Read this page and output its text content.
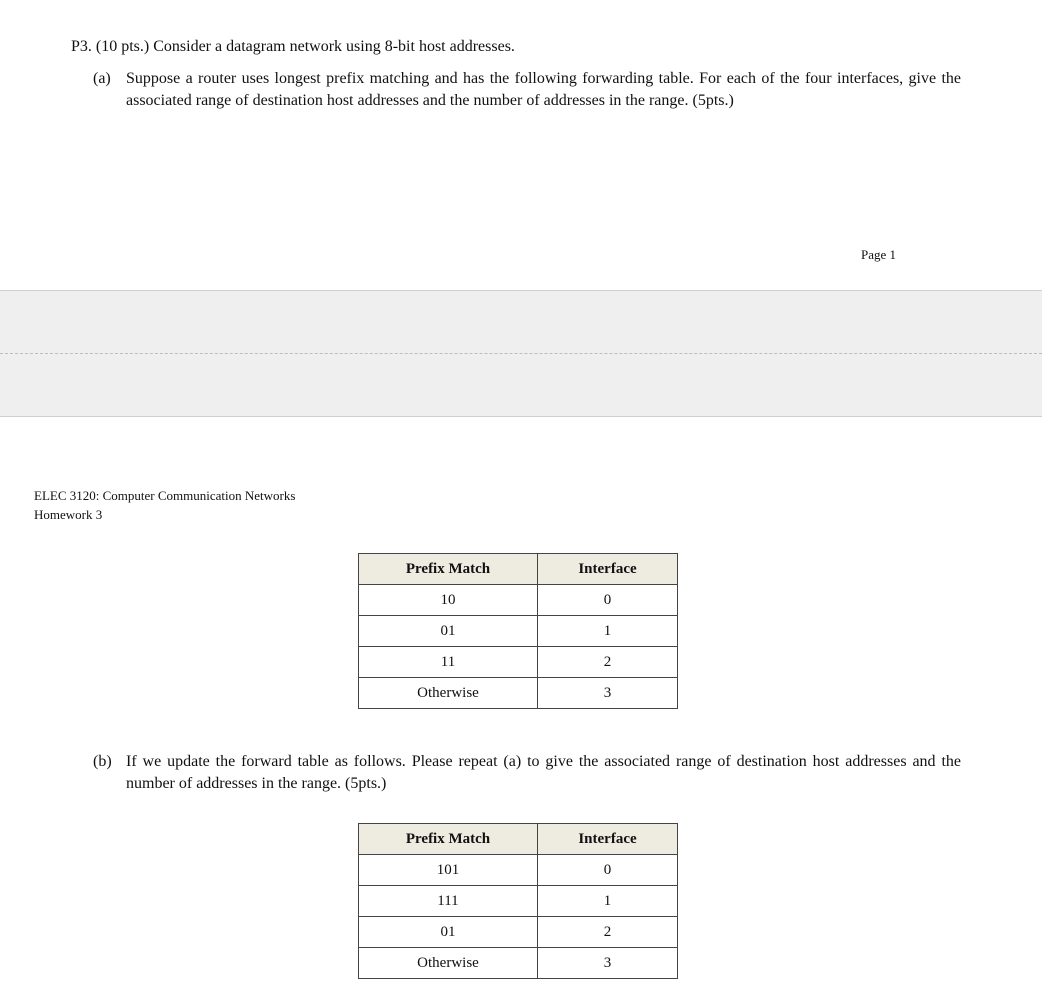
P3. (10 pts.) Consider a datagram network using 8-bit host addresses.
(a) Suppose a router uses longest prefix matching and has the following forwarding table. For each of the four interfaces, give the associated range of destination host addresses and the number of addresses in the range. (5pts.)
Page 1
ELEC 3120: Computer Communication Networks
Homework 3
Prefix Match	Interface
10	0
01	1
11	2
Otherwise	3
(b) If we update the forward table as follows. Please repeat (a) to give the associated range of destination host addresses and the number of addresses in the range. (5pts.)
Prefix Match	Interface
101	0
111	1
01	2
Otherwise	3
